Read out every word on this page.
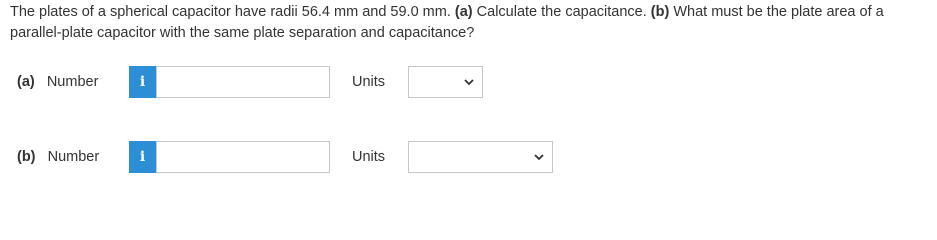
The plates of a spherical capacitor have radii 56.4 mm and 59.0 mm. (a) Calculate the capacitance. (b) What must be the plate area of a parallel-plate capacitor with the same plate separation and capacitance?
(a) Number	i	Units
(b) Number	i	Units
